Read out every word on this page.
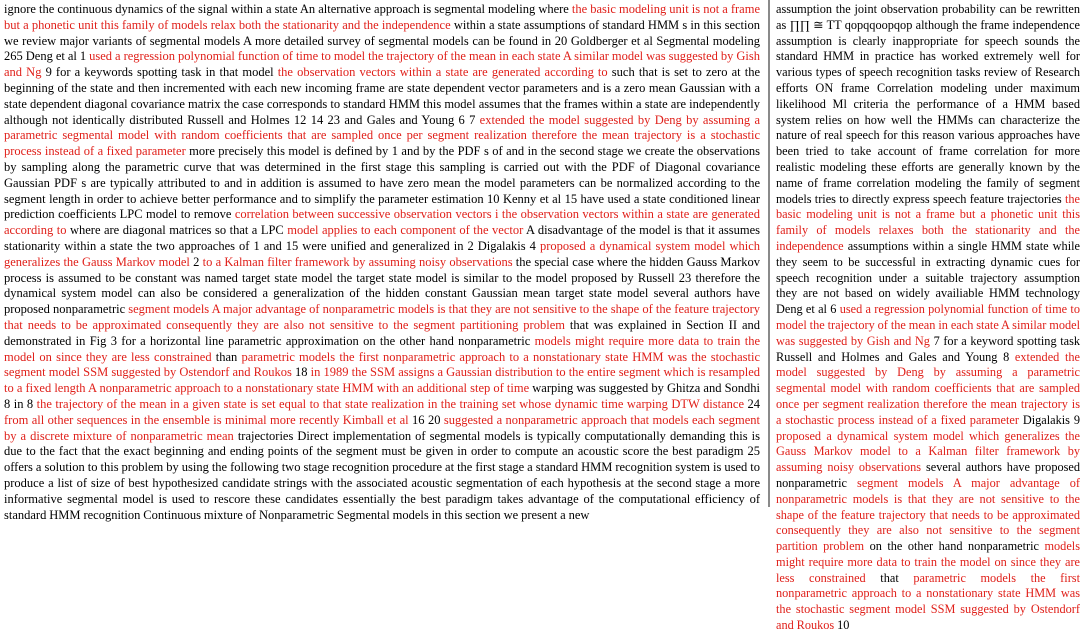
ignore the continuous dynamics of the signal within a state An alternative approach is segmental modeling where the basic modeling unit is not a frame but a phonetic unit this family of models relax both the stationarity and the independence within a state assumptions of standard HMM s in this section we review major variants of segmental models A more detailed survey of segmental models can be found in 20 Goldberger et al Segmental modeling 265 Deng et al 1 used a regression polynomial function of time to model the trajectory of the mean in each state A similar model was suggested by Gish and Ng 9 for a keywords spotting task in that model the observation vectors within a state are generated according to such that is set to zero at the beginning of the state and then incremented with each new incoming frame are state dependent vector parameters and is a zero mean Gaussian with a state dependent diagonal covariance matrix the case corresponds to standard HMM this model assumes that the frames within a state are independently although not identically distributed Russell and Holmes 12 14 23 and Gales and Young 6 7 extended the model suggested by Deng by assuming a parametric segmental model with random coefficients that are sampled once per segment realization therefore the mean trajectory is a stochastic process instead of a fixed parameter more precisely this model is defined by 1 and by the PDF s of and in the second stage we create the observations by sampling along the parametric curve that was determined in the first stage this sampling is carried out with the PDF of Diagonal covariance Gaussian PDF s are typically attributed to and in addition is assumed to have zero mean the model parameters can be normalized according to the segment length in order to achieve better performance and to simplify the parameter estimation 10 Kenny et al 15 have used a state conditioned linear prediction coefficients LPC model to remove correlation between successive observation vectors i the observation vectors within a state are generated according to where are diagonal matrices so that a LPC model applies to each component of the vector A disadvantage of the model is that it assumes stationarity within a state the two approaches of 1 and 15 were unified and generalized in 2 Digalakis 4 proposed a dynamical system model which generalizes the Gauss Markov model 2 to a Kalman filter framework by assuming noisy observations the special case where the hidden Gauss Markov process is assumed to be constant was named target state model the target state model is similar to the model proposed by Russell 23 therefore the dynamical system model can also be considered a generalization of the hidden constant Gaussian mean target state model several authors have proposed nonparametric segment models A major advantage of nonparametric models is that they are not sensitive to the shape of the feature trajectory that needs to be approximated consequently they are also not sensitive to the segment partitioning problem that was explained in Section II and demonstrated in Fig 3 for a horizontal line parametric approximation on the other hand nonparametric models might require more data to train the model on since they are less constrained than parametric models the first nonparametric approach to a nonstationary state HMM was the stochastic segment model SSM suggested by Ostendorf and Roukos 18 in 1989 the SSM assigns a Gaussian distribution to the entire segment which is resampled to a fixed length A nonparametric approach to a nonstationary state HMM with an additional step of time warping was suggested by Ghitza and Sondhi 8 in 8 the trajectory of the mean in a given state is set equal to that state realization in the training set whose dynamic time warping DTW distance 24 from all other sequences in the ensemble is minimal more recently Kimball et al 16 20 suggested a nonparametric approach that models each segment by a discrete mixture of nonparametric mean trajectories Direct implementation of segmental models is typically computationally demanding this is due to the fact that the exact beginning and ending points of the segment must be given in order to compute an acoustic score the best paradigm 25 offers a solution to this problem by using the following two stage recognition procedure at the first stage a standard HMM recognition system is used to produce a list of size of best hypothesized candidate strings with the associated acoustic segmentation of each hypothesis at the second stage a more informative segmental model is used to rescore these candidates essentially the best paradigm takes advantage of the computational efficiency of standard HMM recognition Continuous mixture of Nonparametric Segmental models in this section we present a new
assumption the joint observation probability can be rewritten as ∏∏ ≅ TT qopqqoopqop although the frame independence assumption is clearly inappropriate for speech sounds the standard HMM in practice has worked extremely well for various types of speech recognition tasks review of Research efforts ON frame Correlation modeling under maximum likelihood Ml criteria the performance of a HMM based system relies on how well the HMMs can characterize the nature of real speech for this reason various approaches have been tried to take account of frame correlation for more realistic modeling these efforts are generally known by the name of frame correlation modeling the family of segment models tries to directly express speech feature trajectories the basic modeling unit is not a frame but a phonetic unit this family of models relaxes both the stationarity and the independence assumptions within a single HMM state while they seem to be successful in extracting dynamic cues for speech recognition under a suitable trajectory assumption they are not based on widely availiable HMM technology Deng et al 6 used a regression polynomial function of time to model the trajectory of the mean in each state A similar model was suggested by Gish and Ng 7 for a keyword spotting task Russell and Holmes and Gales and Young 8 extended the model suggested by Deng by assuming a parametric segmental model with random coefficients that are sampled once per segment realization therefore the mean trajectory is a stochastic process instead of a fixed parameter Digalakis 9 proposed a dynamical system model which generalizes the Gauss Markov model to a Kalman filter framework by assuming noisy observations several authors have proposed nonparametric segment models A major advantage of nonparametric models is that they are not sensitive to the shape of the feature trajectory that needs to be approximated consequently they are also not sensitive to the segment partition problem on the other hand nonparametric models might require more data to train the model on since they are less constrained that parametric models the first nonparametric approach to a nonstationary state HMM was the stochastic segment model SSM suggested by Ostendorf and Roukos 10
